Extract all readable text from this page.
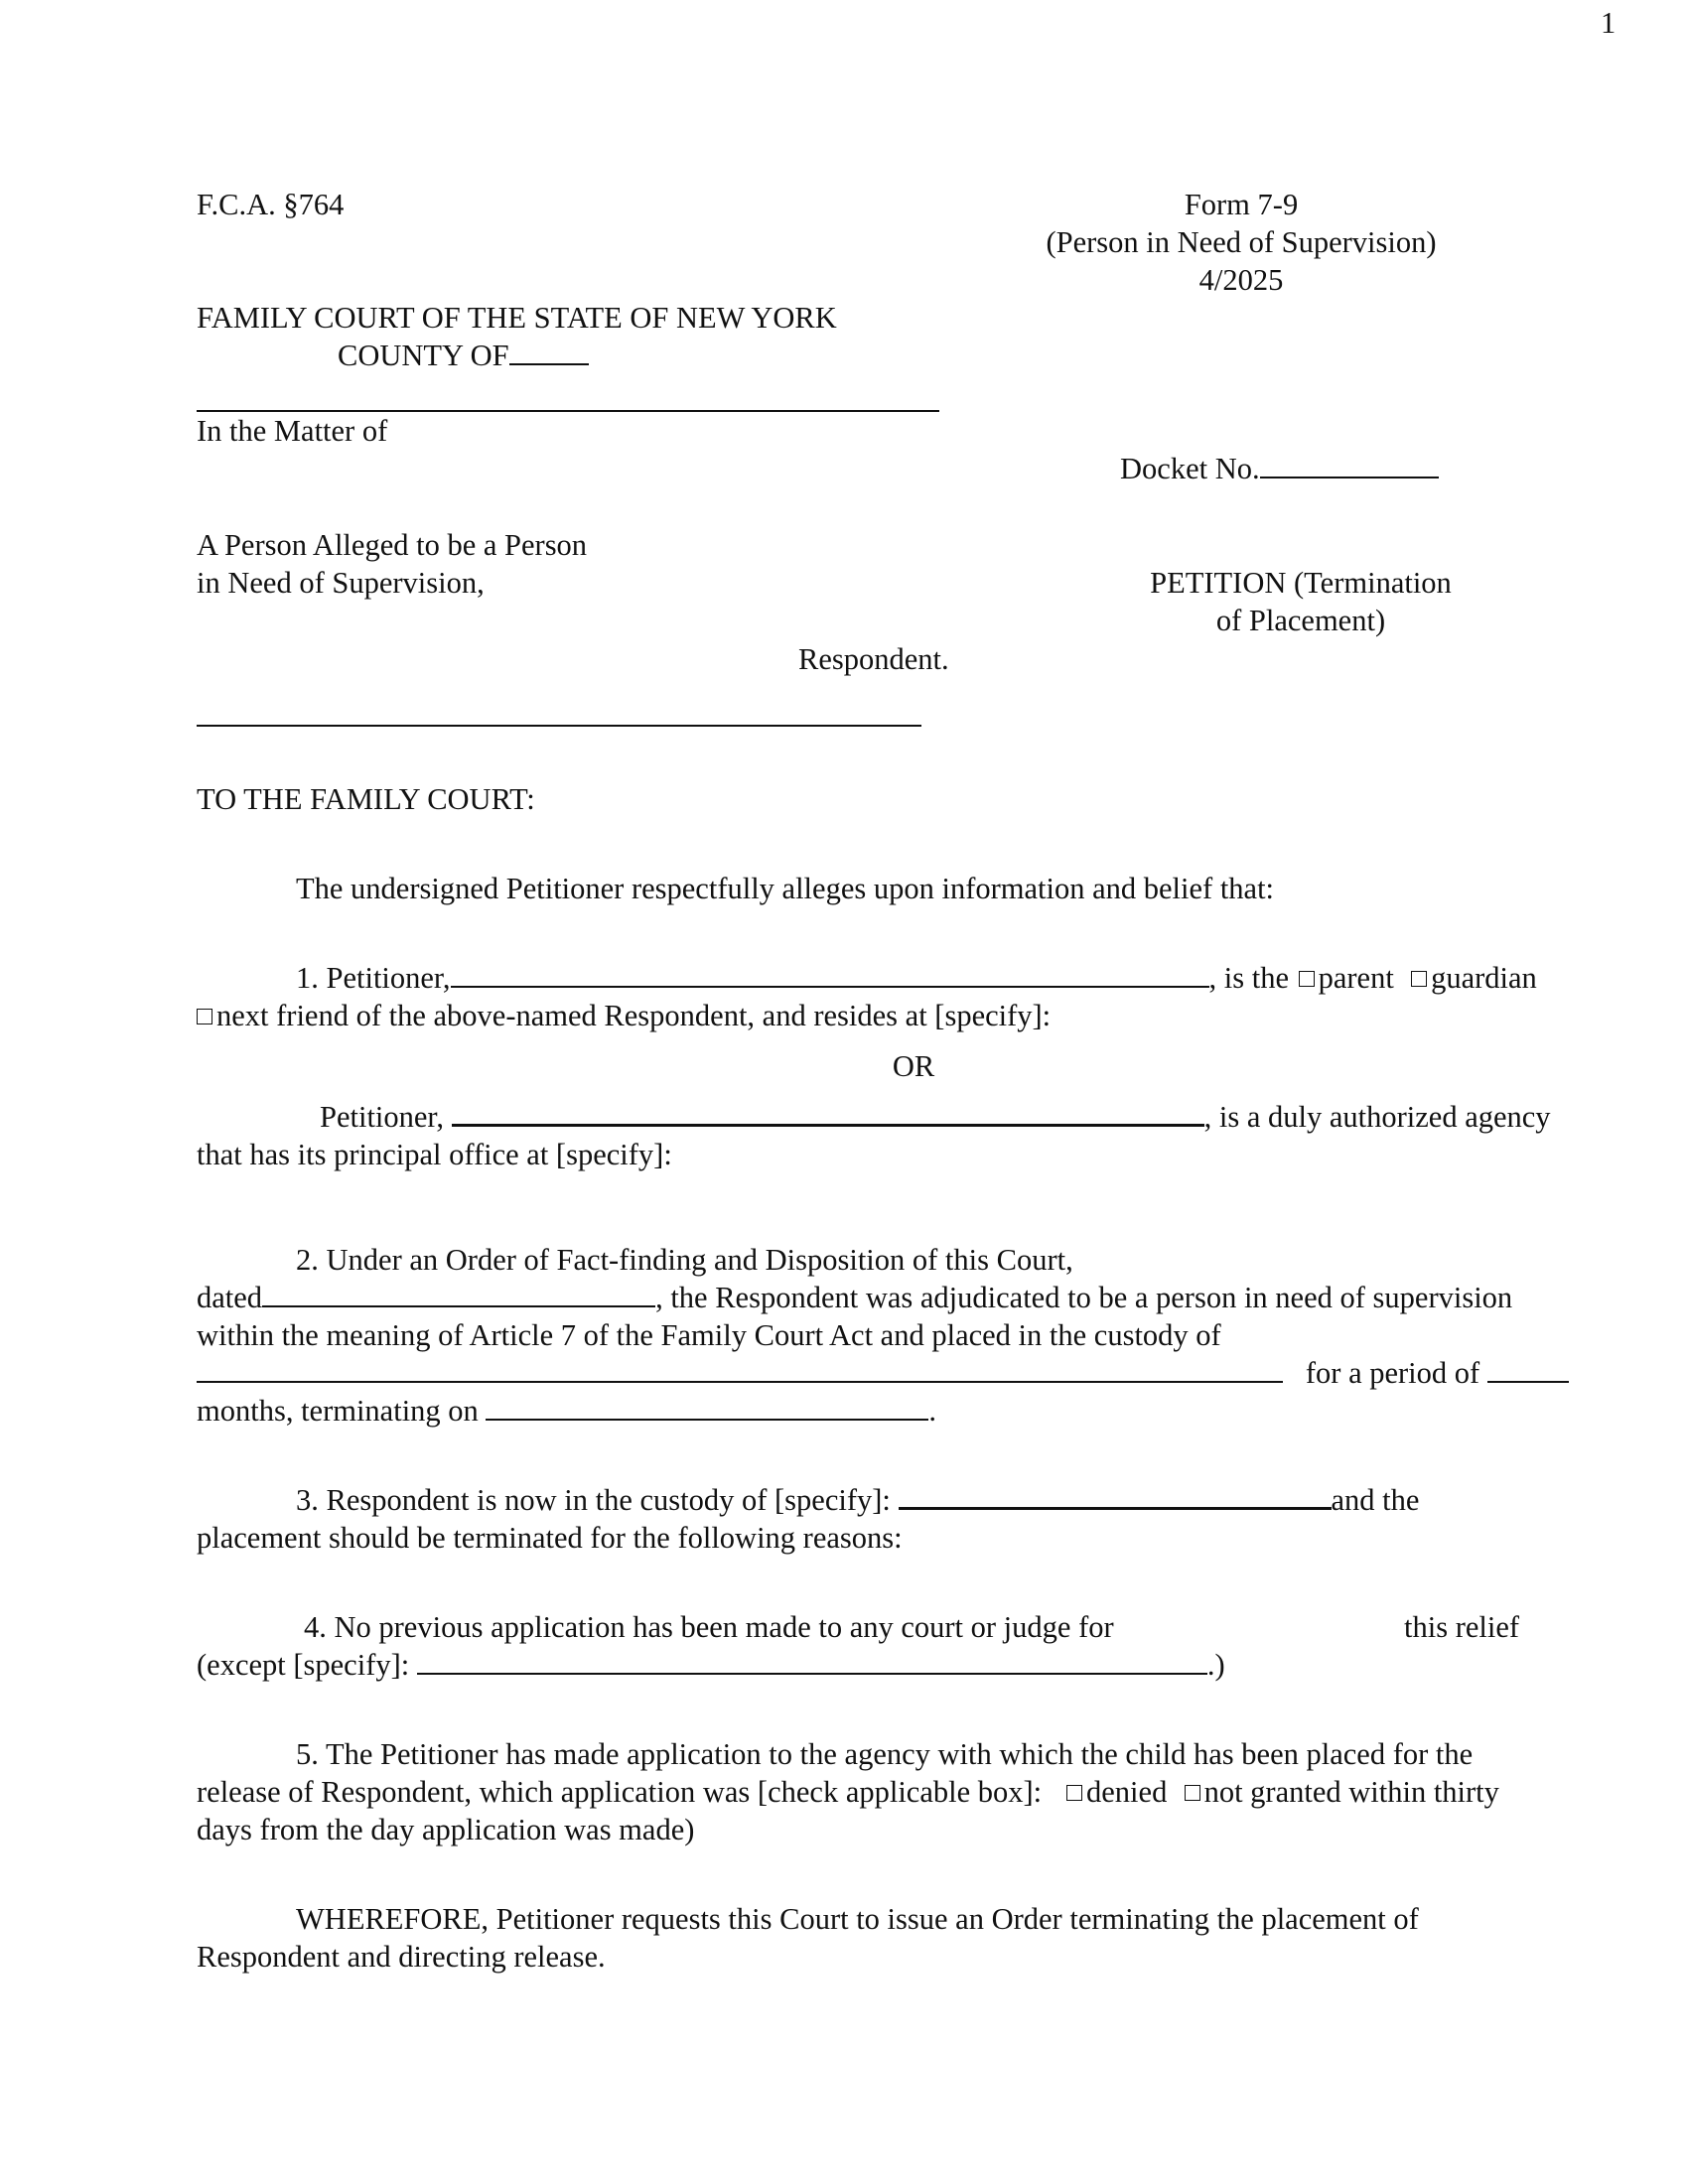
1
F.C.A. §764	Form 7-9
(Person in Need of Supervision)
4/2025
FAMILY COURT OF THE STATE OF NEW YORK
COUNTY OF
In the Matter of
Docket No.
A Person Alleged to be a Person
in Need of Supervision,	PETITION (Termination
of Placement)
Respondent.
TO THE FAMILY COURT:
The undersigned Petitioner respectfully alleges upon information and belief that:
1. Petitioner,	, is the parent guardian
next friend of the above-named Respondent, and resides at [specify]:
OR
Petitioner,	, is a duly authorized agency
that has its principal office at [specify]:
2. Under an Order of Fact-finding and Disposition of this Court,
dated	, the Respondent was adjudicated to be a person in need of supervision
within the meaning of Article 7 of the Family Court Act and placed in the custody of
for a period of
months, terminating on	.
3. Respondent is now in the custody of [specify]:	and the
placement should be terminated for the following reasons:
4. No previous application has been made to any court or judge for	this relief
(except [specify]:	.)
5. The Petitioner has made application to the agency with which the child has been placed for the
release of Respondent, which application was [check applicable box]: denied not granted within thirty
days from the day application was made)
WHEREFORE, Petitioner requests this Court to issue an Order terminating the placement of
Respondent and directing release.
